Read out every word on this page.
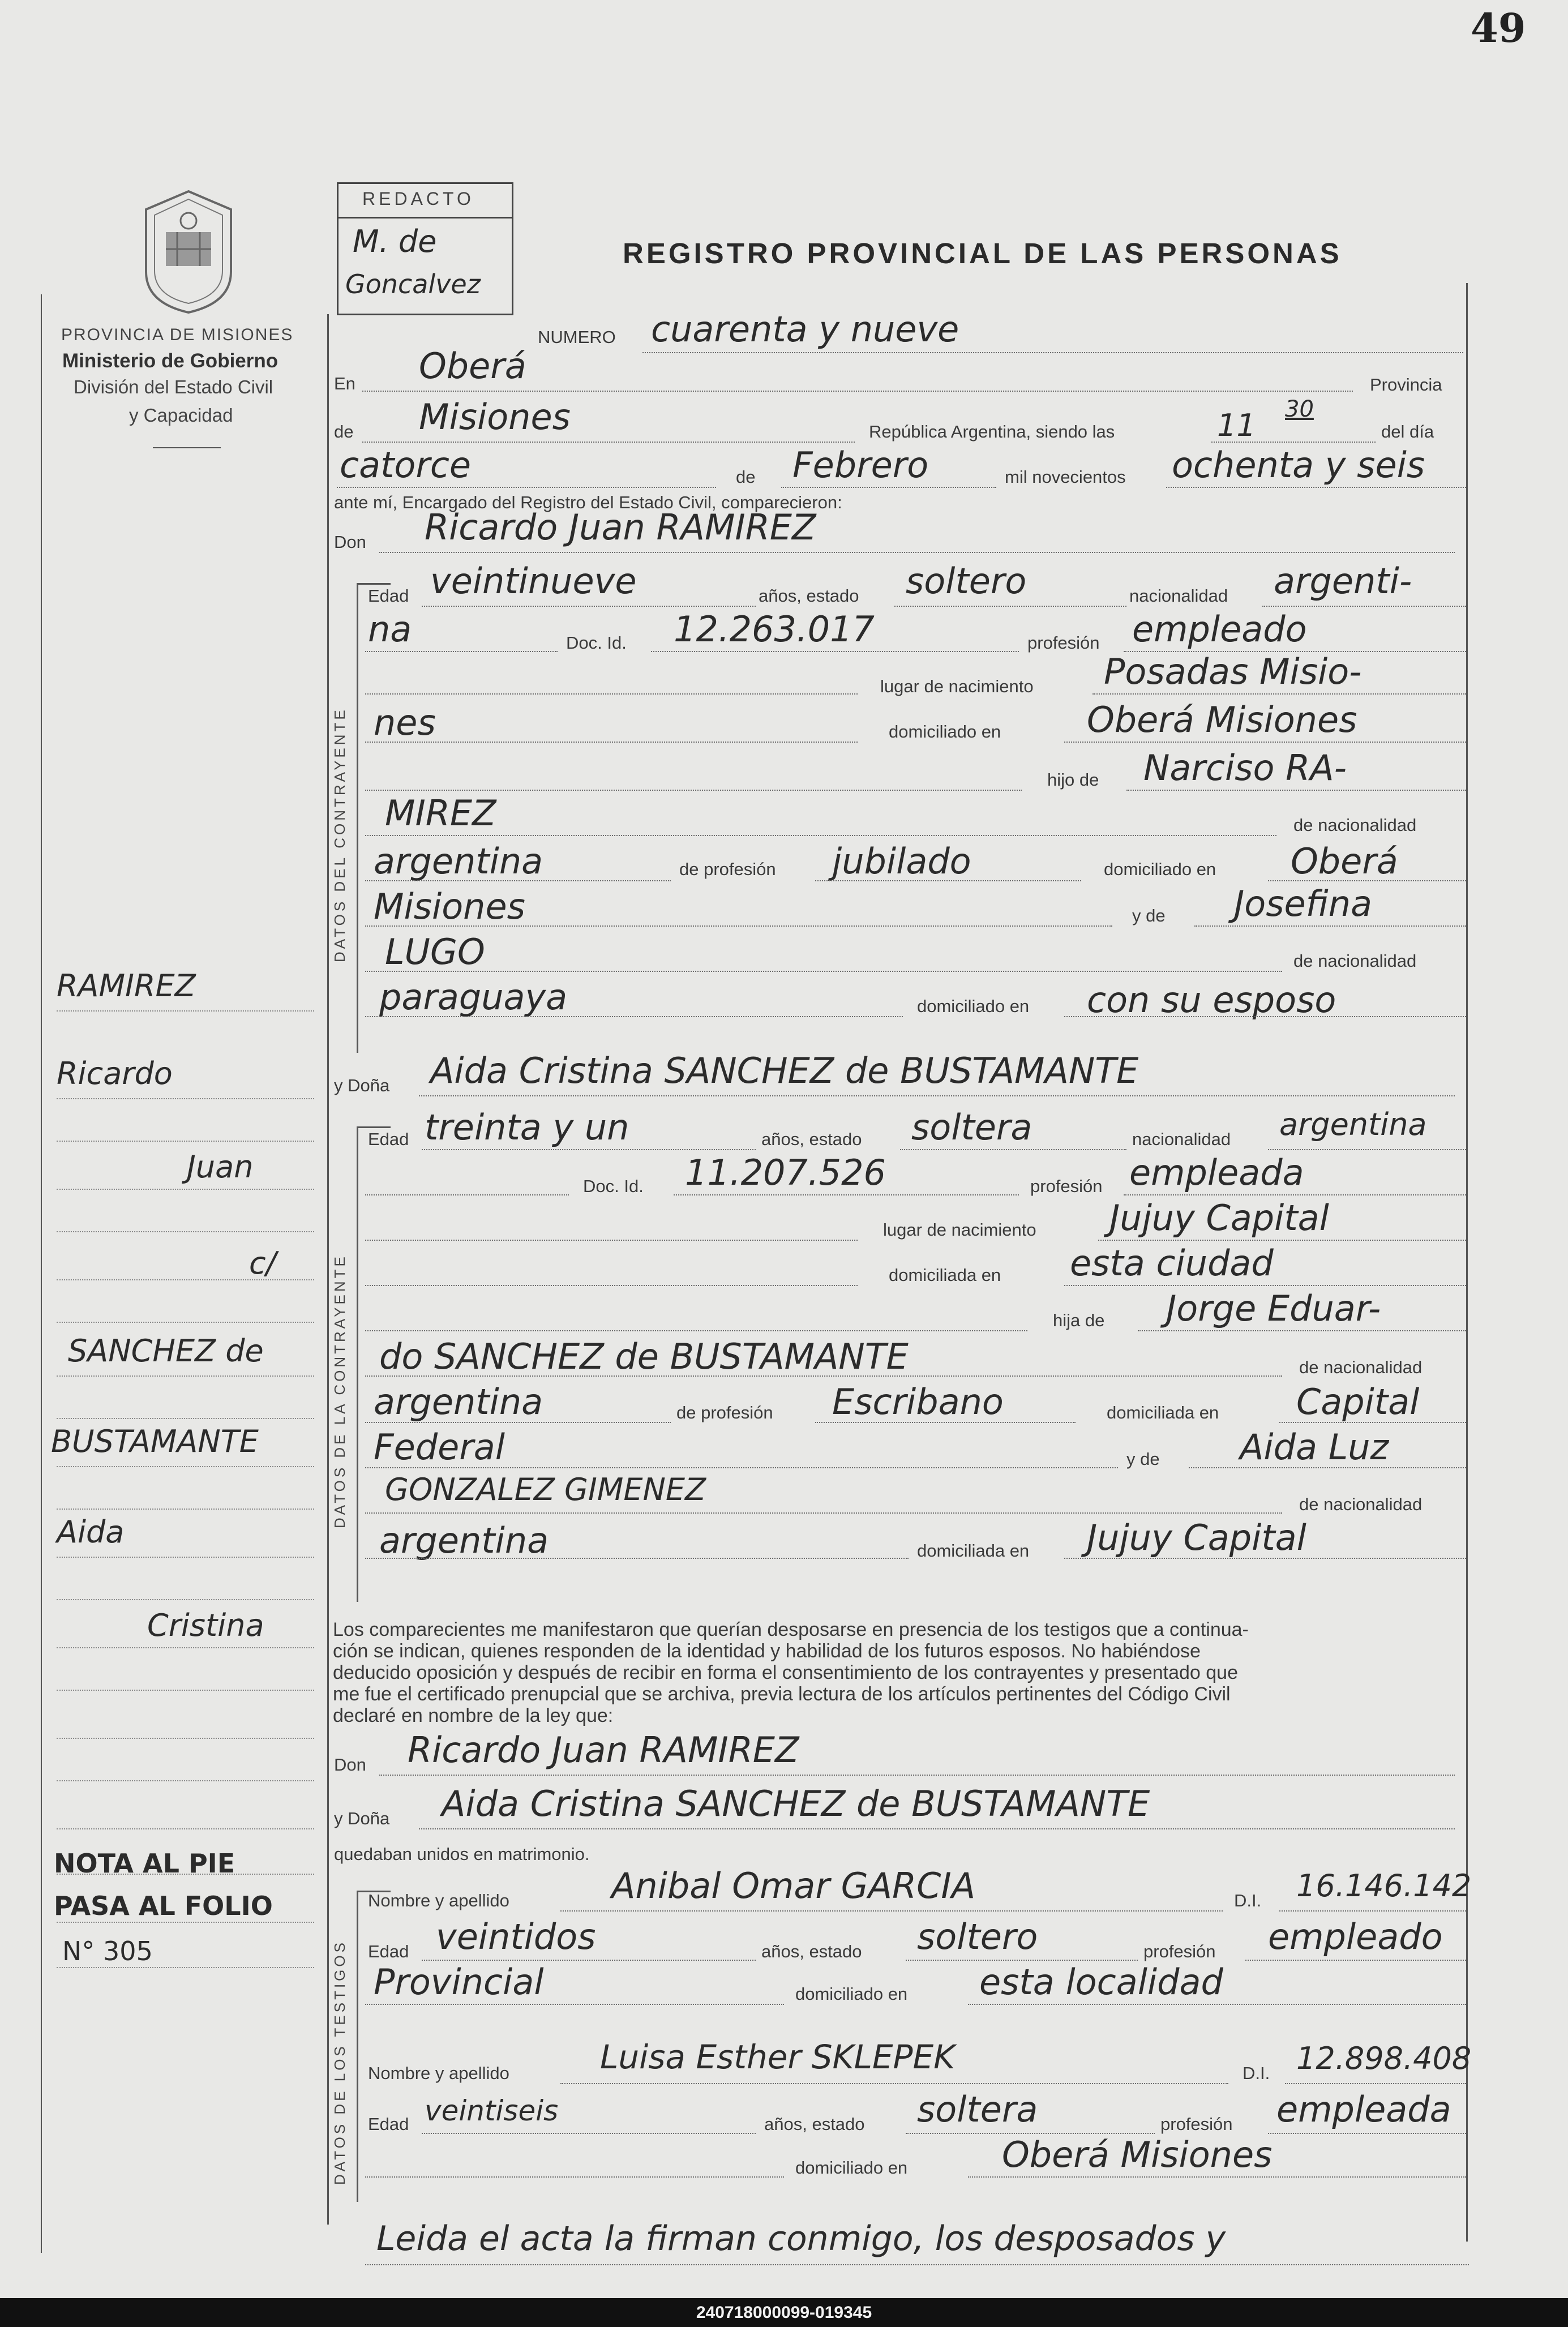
49
PROVINCIA DE MISIONES
Ministerio de Gobierno
División del Estado Civil
y Capacidad
REDACTO
M. de
Goncalvez
REGISTRO PROVINCIAL DE LAS PERSONAS
NUMERO cuarenta y nueve
En Oberá	Provincia
de Misiones	República Argentina, siendo las	11 30
del día
catorce	de Febrero	mil novecientos ochenta y seis
ante mí, Encargado del Registro del Estado Civil, comparecieron:
Don Ricardo Juan RAMIREZ
DATOS DEL CONTRAYENTE
Edad veintinueve	años, estado soltero	nacionalidad argenti-
na	Doc. Id. 12.263.017	profesión empleado
lugar de nacimiento Posadas Misio-
nes	domiciliado en Oberá Misiones
hijo de Narciso RA-
MIREZ	de nacionalidad
argentina	de profesión jubilado	domiciliado en Oberá
Misiones	y de Josefina
LUGO	de nacionalidad
paraguaya	domiciliado en con su esposo
y Doña Aida Cristina SANCHEZ de BUSTAMANTE
DATOS DE LA CONTRAYENTE
Edad treinta y un	años, estado soltera	nacionalidad argentina
Doc. Id. 11.207.526	profesión empleada
lugar de nacimiento Jujuy Capital
domiciliada en esta ciudad
hija de Jorge Eduar-
do SANCHEZ de BUSTAMANTE	de nacionalidad
argentina	de profesión Escribano	domiciliada en Capital
Federal	y de Aida Luz
GONZALEZ GIMENEZ	de nacionalidad
argentina	domiciliada en Jujuy Capital
Los comparecientes me manifestaron que querían desposarse en presencia de los testigos que a continua-
ción se indican, quienes responden de la identidad y habilidad de los futuros esposos. No habiéndose
deducido oposición y después de recibir en forma el consentimiento de los contrayentes y presentado que
me fue el certificado prenupcial que se archiva, previa lectura de los artículos pertinentes del Código Civil
declaré en nombre de la ley que:
Don Ricardo Juan RAMIREZ
y Doña Aida Cristina SANCHEZ de BUSTAMANTE
quedaban unidos en matrimonio.
DATOS DE LOS TESTIGOS
Nombre y apellido	Anibal Omar GARCIA	D.I. 16.146.142
Edad veintidos	años, estado soltero	profesión empleado
Provincial	domiciliado en esta localidad
Nombre y apellido	Luisa Esther SKLEPEK	D.I. 12.898.408
Edad veintiseis	años, estado soltera	profesión empleada
domiciliado en	Oberá Misiones
Leida el acta la firman conmigo, los desposados y
RAMIREZ
Ricardo
Juan
c/
SANCHEZ de
BUSTAMANTE
Aida
Cristina
NOTA AL PIE
PASA AL FOLIO
N° 305
240718000099-019345
